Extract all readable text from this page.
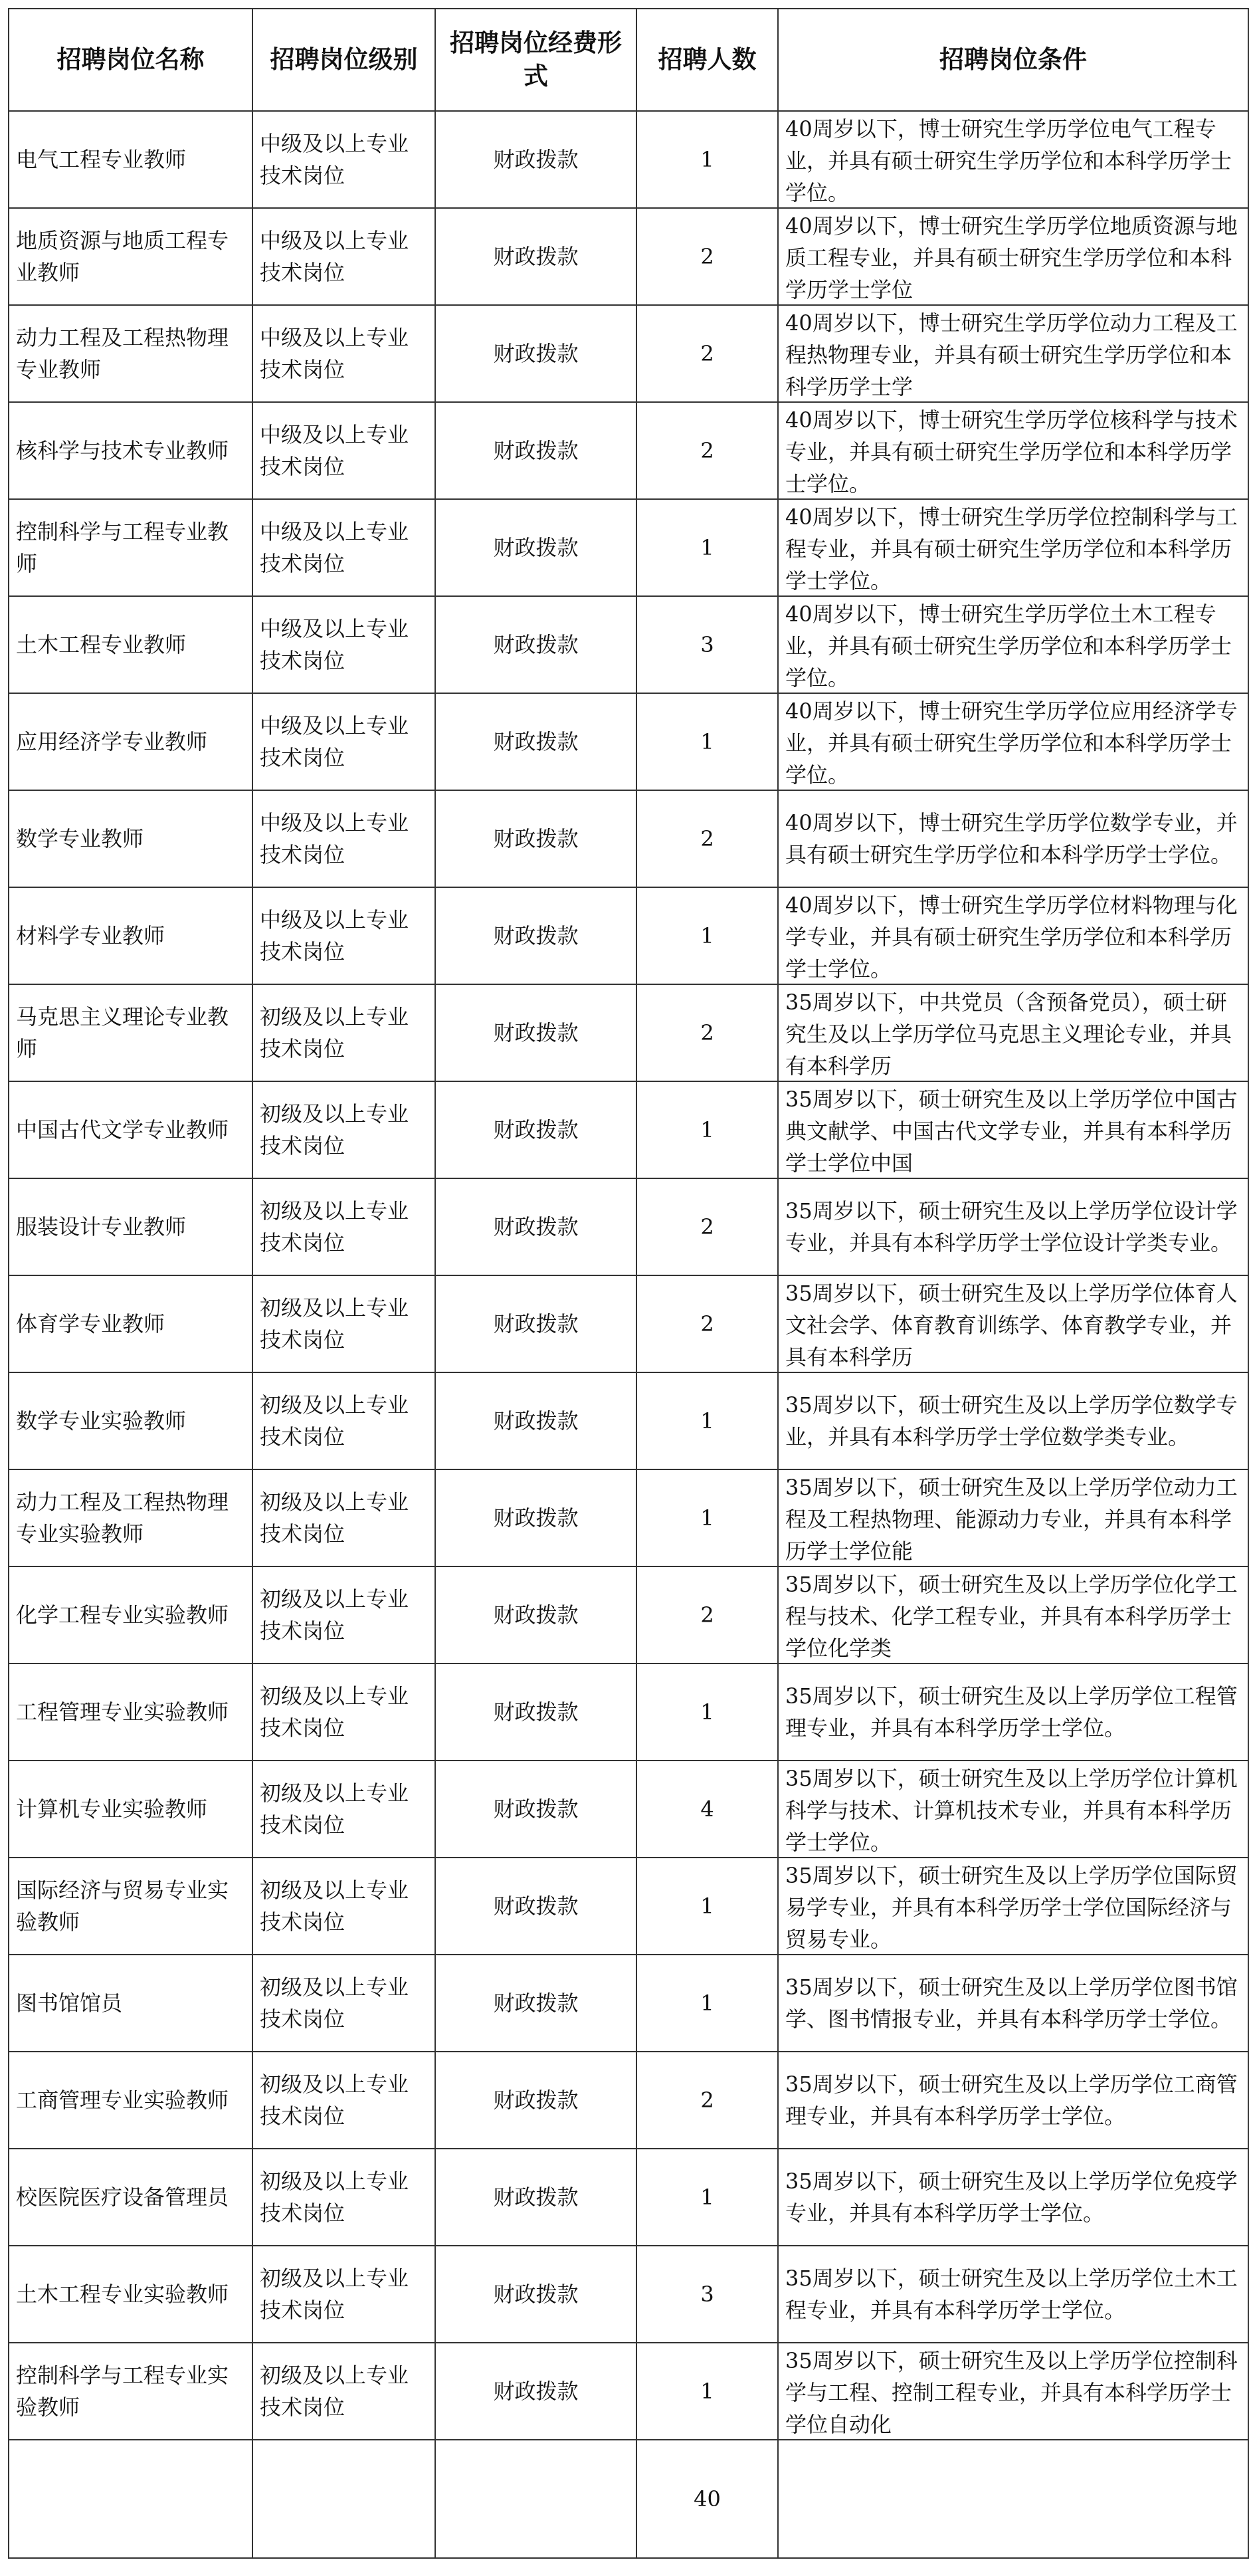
招聘岗位名称	招聘岗位级别	招聘岗位经费形式	招聘人数	招聘岗位条件
电气工程专业教师	中级及以上专业技术岗位	财政拨款	1	40周岁以下，博士研究生学历学位电气工程专业，并具有硕士研究生学历学位和本科学历学士学位。

地质资源与地质工程专业教师	中级及以上专业技术岗位	财政拨款	2	40周岁以下，博士研究生学历学位地质资源与地质工程专业，并具有硕士研究生学历学位和本科学历学士学位

动力工程及工程热物理专业教师	中级及以上专业技术岗位	财政拨款	2	40周岁以下，博士研究生学历学位动力工程及工程热物理专业，并具有硕士研究生学历学位和本科学历学士学

核科学与技术专业教师	中级及以上专业技术岗位	财政拨款	2	40周岁以下，博士研究生学历学位核科学与技术专业，并具有硕士研究生学历学位和本科学历学士学位。

控制科学与工程专业教师	中级及以上专业技术岗位	财政拨款	1	40周岁以下，博士研究生学历学位控制科学与工程专业，并具有硕士研究生学历学位和本科学历学士学位。

土木工程专业教师	中级及以上专业技术岗位	财政拨款	3	40周岁以下，博士研究生学历学位土木工程专业，并具有硕士研究生学历学位和本科学历学士学位。

应用经济学专业教师	中级及以上专业技术岗位	财政拨款	1	40周岁以下，博士研究生学历学位应用经济学专业，并具有硕士研究生学历学位和本科学历学士学位。

数学专业教师	中级及以上专业技术岗位	财政拨款	2	40周岁以下，博士研究生学历学位数学专业，并具有硕士研究生学历学位和本科学历学士学位。

材料学专业教师	中级及以上专业技术岗位	财政拨款	1	40周岁以下，博士研究生学历学位材料物理与化学专业，并具有硕士研究生学历学位和本科学历学士学位。

马克思主义理论专业教师	初级及以上专业技术岗位	财政拨款	2	35周岁以下，中共党员（含预备党员），硕士研究生及以上学历学位马克思主义理论专业，并具有本科学历

中国古代文学专业教师	初级及以上专业技术岗位	财政拨款	1	35周岁以下，硕士研究生及以上学历学位中国古典文献学、中国古代文学专业，并具有本科学历学士学位中国

服装设计专业教师	初级及以上专业技术岗位	财政拨款	2	35周岁以下，硕士研究生及以上学历学位设计学专业，并具有本科学历学士学位设计学类专业。

体育学专业教师	初级及以上专业技术岗位	财政拨款	2	35周岁以下，硕士研究生及以上学历学位体育人文社会学、体育教育训练学、体育教学专业，并具有本科学历

数学专业实验教师	初级及以上专业技术岗位	财政拨款	1	35周岁以下，硕士研究生及以上学历学位数学专业，并具有本科学历学士学位数学类专业。

动力工程及工程热物理专业实验教师	初级及以上专业技术岗位	财政拨款	1	35周岁以下，硕士研究生及以上学历学位动力工程及工程热物理、能源动力专业，并具有本科学历学士学位能

化学工程专业实验教师	初级及以上专业技术岗位	财政拨款	2	35周岁以下，硕士研究生及以上学历学位化学工程与技术、化学工程专业，并具有本科学历学士学位化学类

工程管理专业实验教师	初级及以上专业技术岗位	财政拨款	1	35周岁以下，硕士研究生及以上学历学位工程管理专业，并具有本科学历学士学位。

计算机专业实验教师	初级及以上专业技术岗位	财政拨款	4	35周岁以下，硕士研究生及以上学历学位计算机科学与技术、计算机技术专业，并具有本科学历学士学位。

国际经济与贸易专业实验教师	初级及以上专业技术岗位	财政拨款	1	35周岁以下，硕士研究生及以上学历学位国际贸易学专业，并具有本科学历学士学位国际经济与贸易专业。

图书馆馆员	初级及以上专业技术岗位	财政拨款	1	35周岁以下，硕士研究生及以上学历学位图书馆学、图书情报专业，并具有本科学历学士学位。

工商管理专业实验教师	初级及以上专业技术岗位	财政拨款	2	35周岁以下，硕士研究生及以上学历学位工商管理专业，并具有本科学历学士学位。

校医院医疗设备管理员	初级及以上专业技术岗位	财政拨款	1	35周岁以下，硕士研究生及以上学历学位免疫学专业，并具有本科学历学士学位。

土木工程专业实验教师	初级及以上专业技术岗位	财政拨款	3	35周岁以下，硕士研究生及以上学历学位土木工程专业，并具有本科学历学士学位。

控制科学与工程专业实验教师	初级及以上专业技术岗位	财政拨款	1	35周岁以下，硕士研究生及以上学历学位控制科学与工程、控制工程专业，并具有本科学历学士学位自动化

			40	
